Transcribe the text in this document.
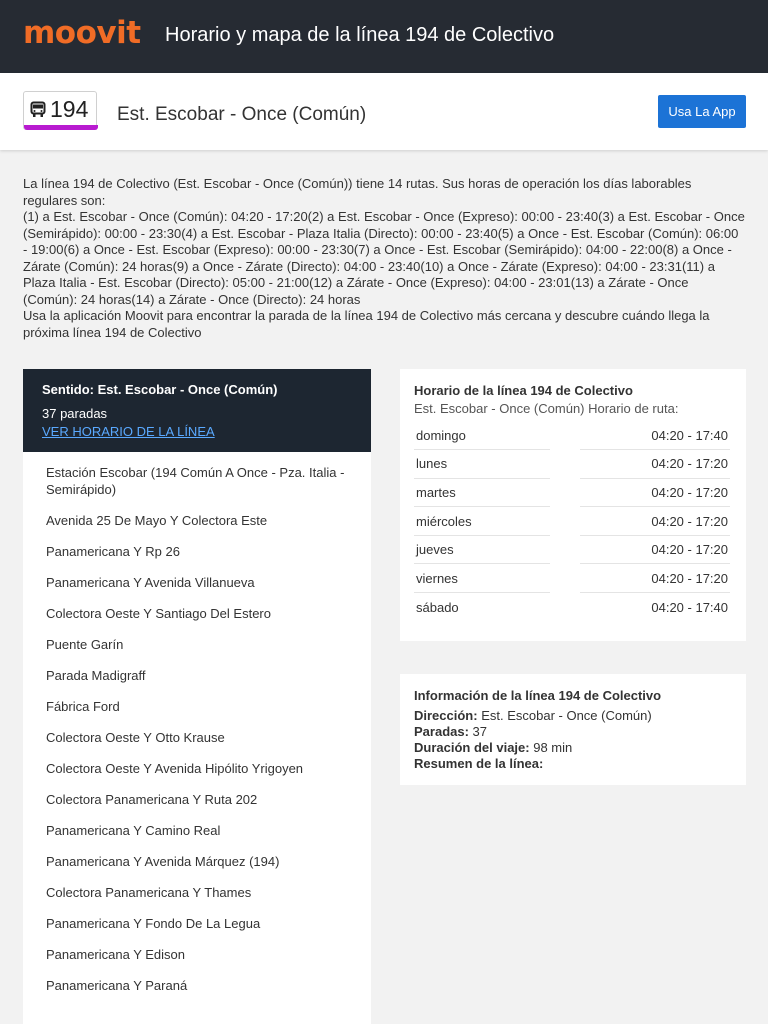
moovit Horario y mapa de la línea 194 de Colectivo
194 Est. Escobar - Once (Común)	Usa La App
La línea 194 de Colectivo (Est. Escobar - Once (Común)) tiene 14 rutas. Sus horas de operación los días laborables regulares son:
(1) a Est. Escobar - Once (Común): 04:20 - 17:20(2) a Est. Escobar - Once (Expreso): 00:00 - 23:40(3) a Est. Escobar - Once (Semirápido): 00:00 - 23:30(4) a Est. Escobar - Plaza Italia (Directo): 00:00 - 23:40(5) a Once - Est. Escobar (Común): 06:00 - 19:00(6) a Once - Est. Escobar (Expreso): 00:00 - 23:30(7) a Once - Est. Escobar (Semirápido): 04:00 - 22:00(8) a Once - Zárate (Común): 24 horas(9) a Once - Zárate (Directo): 04:00 - 23:40(10) a Once - Zárate (Expreso): 04:00 - 23:31(11) a Plaza Italia - Est. Escobar (Directo): 05:00 - 21:00(12) a Zárate - Once (Expreso): 04:00 - 23:01(13) a Zárate - Once (Común): 24 horas(14) a Zárate - Once (Directo): 24 horas
Usa la aplicación Moovit para encontrar la parada de la línea 194 de Colectivo más cercana y descubre cuándo llega la próxima línea 194 de Colectivo
Sentido: Est. Escobar - Once (Común)
37 paradas
VER HORARIO DE LA LÍNEA
Estación Escobar (194 Común A Once - Pza. Italia - Semirápido)
Avenida 25 De Mayo Y Colectora Este
Panamericana Y Rp 26
Panamericana Y Avenida Villanueva
Colectora Oeste Y Santiago Del Estero
Puente Garín
Parada Madigraff
Fábrica Ford
Colectora Oeste Y Otto Krause
Colectora Oeste Y Avenida Hipólito Yrigoyen
Colectora Panamericana Y Ruta 202
Panamericana Y Camino Real
Panamericana Y Avenida Márquez (194)
Colectora Panamericana Y Thames
Panamericana Y Fondo De La Legua
Panamericana Y Edison
Panamericana Y Paraná
Horario de la línea 194 de Colectivo
Est. Escobar - Once (Común) Horario de ruta:
domingo		04:20 - 17:40
lunes		04:20 - 17:20
martes		04:20 - 17:20
miércoles		04:20 - 17:20
jueves		04:20 - 17:20
viernes		04:20 - 17:20
sábado		04:20 - 17:40
Información de la línea 194 de Colectivo
Dirección: Est. Escobar - Once (Común)
Paradas: 37
Duración del viaje: 98 min
Resumen de la línea:
